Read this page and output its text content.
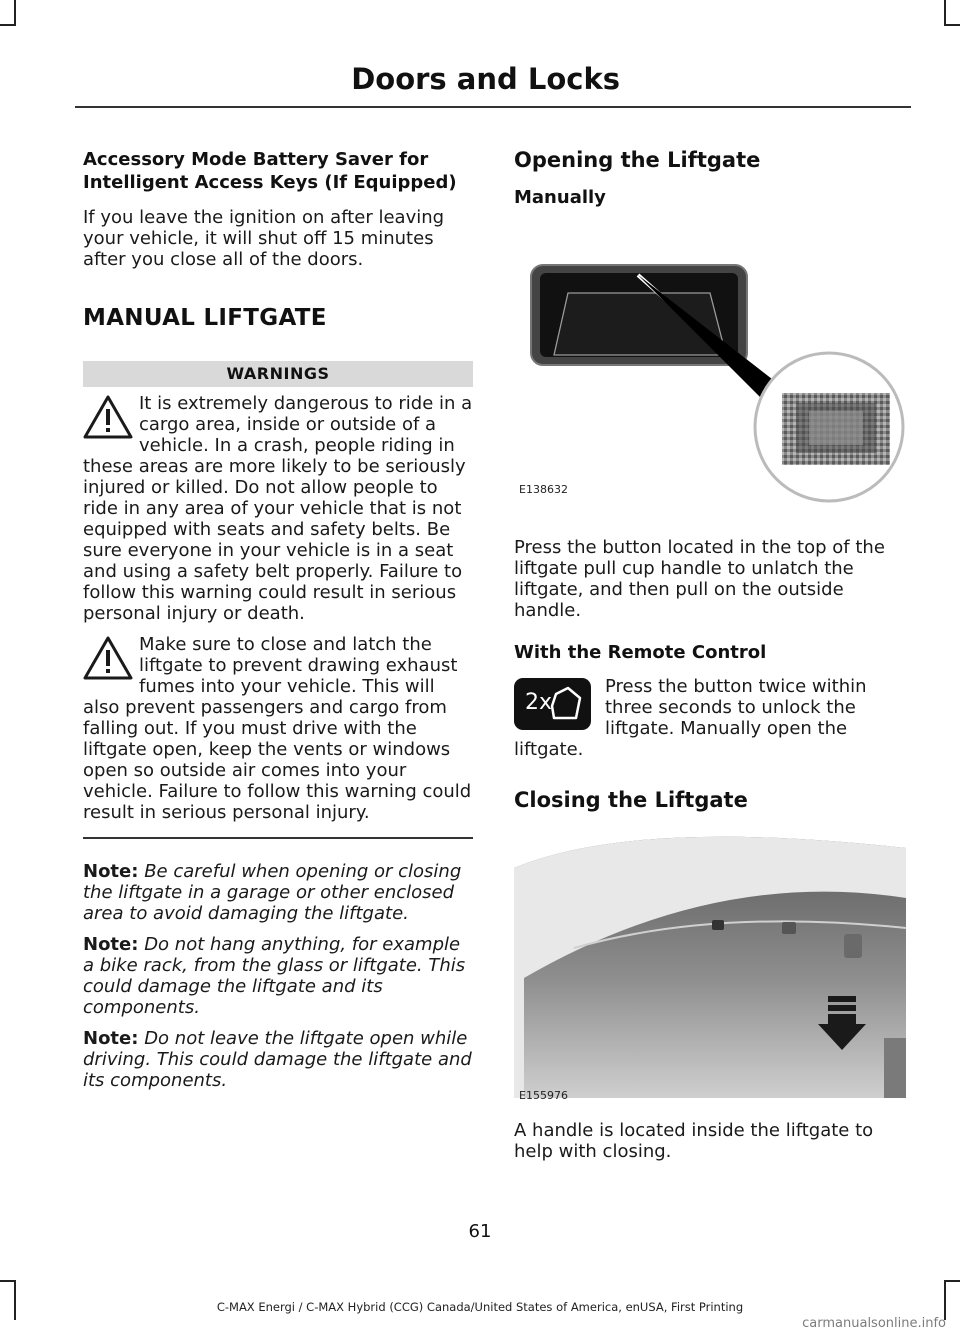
Doors and Locks

Accessory Mode Battery Saver for Intelligent Access Keys (If Equipped)

If you leave the ignition on after leaving your vehicle, it will shut off 15 minutes after you close all of the doors.

MANUAL LIFTGATE

WARNINGS

It is extremely dangerous to ride in a cargo area, inside or outside of a vehicle. In a crash, people riding in these areas are more likely to be seriously injured or killed. Do not allow people to ride in any area of your vehicle that is not equipped with seats and safety belts. Be sure everyone in your vehicle is in a seat and using a safety belt properly. Failure to follow this warning could result in serious personal injury or death.

Make sure to close and latch the liftgate to prevent drawing exhaust fumes into your vehicle. This will also prevent passengers and cargo from falling out. If you must drive with the liftgate open, keep the vents or windows open so outside air comes into your vehicle. Failure to follow this warning could result in serious personal injury.

Note: Be careful when opening or closing the liftgate in a garage or other enclosed area to avoid damaging the liftgate.

Note: Do not hang anything, for example a bike rack, from the glass or liftgate. This could damage the liftgate and its components.

Note: Do not leave the liftgate open while driving. This could damage the liftgate and its components.

Opening the Liftgate

Manually

E138632

Press the button located in the top of the liftgate pull cup handle to unlatch the liftgate, and then pull on the outside handle.

With the Remote Control

2x

Press the button twice within three seconds to unlock the liftgate. Manually open the liftgate.

Closing the Liftgate

E155976

A handle is located inside the liftgate to help with closing.

61
C-MAX Energi / C-MAX Hybrid (CCG) Canada/United States of America, enUSA, First Printing
carmanualsonline.info
